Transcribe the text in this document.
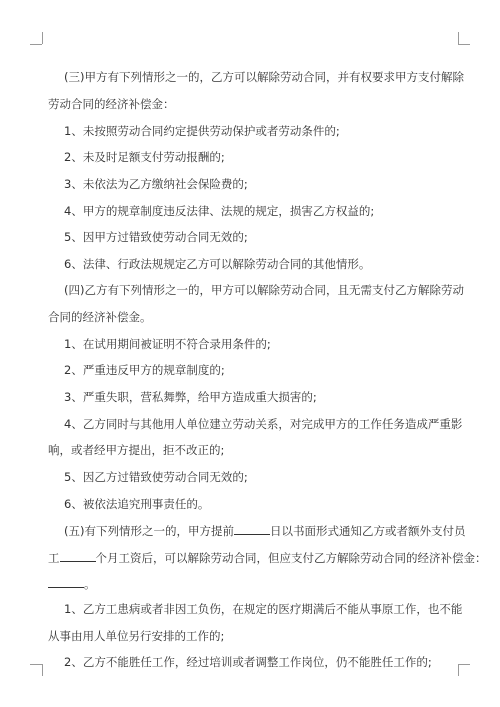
(三)甲方有下列情形之一的，乙方可以解除劳动合同，并有权要求甲方支付解除
劳动合同的经济补偿金：
1、未按照劳动合同约定提供劳动保护或者劳动条件的;
2、未及时足额支付劳动报酬的;
3、未依法为乙方缴纳社会保险费的;
4、甲方的规章制度违反法律、法规的规定，损害乙方权益的;
5、因甲方过错致使劳动合同无效的;
6、法律、行政法规规定乙方可以解除劳动合同的其他情形。
(四)乙方有下列情形之一的，甲方可以解除劳动合同，且无需支付乙方解除劳动
合同的经济补偿金。
1、在试用期间被证明不符合录用条件的;
2、严重违反甲方的规章制度的;
3、严重失职，营私舞弊，给甲方造成重大损害的;
4、乙方同时与其他用人单位建立劳动关系，对完成甲方的工作任务造成严重影
响，或者经甲方提出，拒不改正的;
5、因乙方过错致使劳动合同无效的;
6、被依法追究刑事责任的。
(五)有下列情形之一的，甲方提前	日以书面形式通知乙方或者额外支付员
工	个月工资后，可以解除劳动合同，但应支付乙方解除劳动合同的经济补偿金：
。
1、乙方工患病或者非因工负伤，在规定的医疗期满后不能从事原工作，也不能
从事由用人单位另行安排的工作的;
2、乙方不能胜任工作，经过培训或者调整工作岗位，仍不能胜任工作的;
